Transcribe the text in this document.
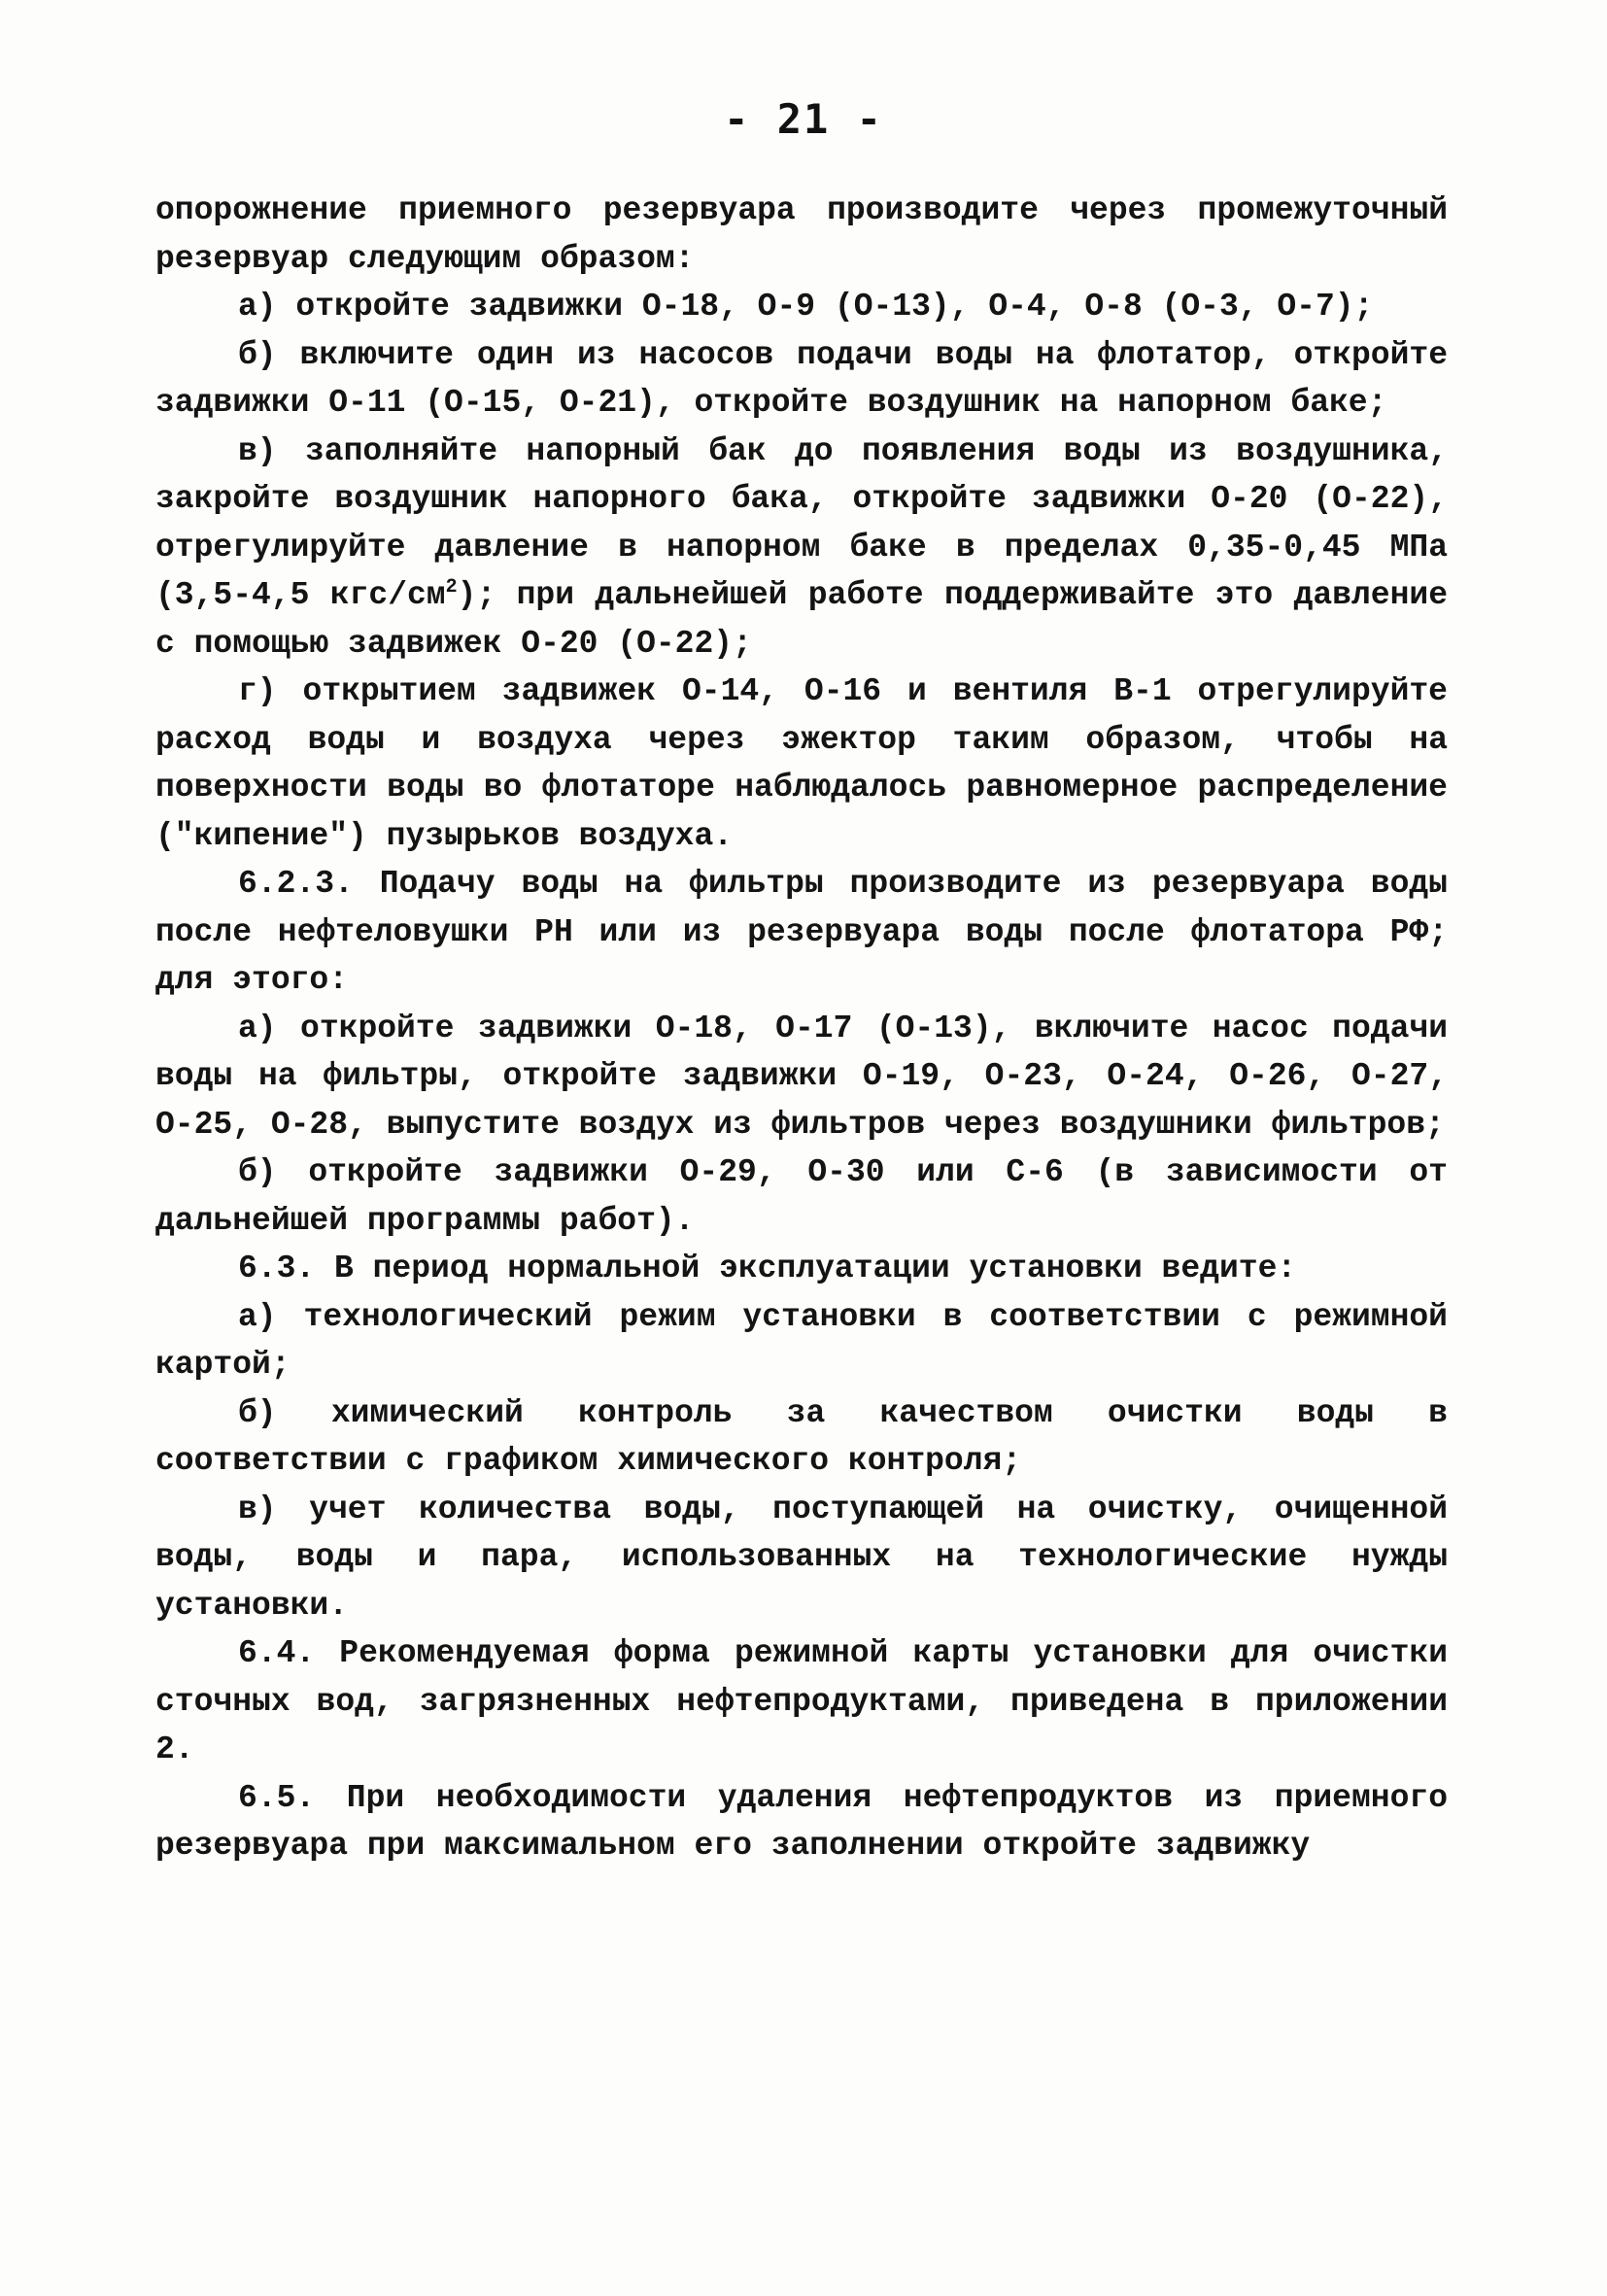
- 21 -

опорожнение приемного резервуара производите через промежуточный резервуар следующим образом:

а) откройте задвижки О-18, О-9 (О-13), О-4, О-8 (О-3, О-7);

б) включите один из насосов подачи воды на флотатор, откройте задвижки О-11 (О-15, О-21), откройте воздушник на напорном баке;

в) заполняйте напорный бак до появления воды из воздушника, закройте воздушник напорного бака, откройте задвижки О-20 (О-22), отрегулируйте давление в напорном баке в пределах 0,35-0,45 МПа (3,5-4,5 кгс/$см^2$); при дальнейшей работе поддерживайте это давление с помощью задвижек О-20 (О-22);

г) открытием задвижек О-14, О-16 и вентиля В-1 отрегулируйте расход воды и воздуха через эжектор таким образом, чтобы на поверхности воды во флотаторе наблюдалось равномерное распределение ("кипение") пузырьков воздуха.

6.2.3. Подачу воды на фильтры производите из резервуара воды после нефтеловушки РН или из резервуара воды после флотатора РФ; для этого:

а) откройте задвижки О-18, О-17 (О-13), включите насос подачи воды на фильтры, откройте задвижки О-19, О-23, О-24, О-26, О-27, О-25, О-28, выпустите воздух из фильтров через воздушники фильтров;

б) откройте задвижки О-29, О-30 или С-6 (в зависимости от дальнейшей программы работ).

6.3. В период нормальной эксплуатации установки ведите:

а) технологический режим установки в соответствии с режимной картой;

б) химический контроль за качеством очистки воды в соответствии с графиком химического контроля;

в) учет количества воды, поступающей на очистку, очищенной воды, воды и пара, использованных на технологические нужды установки.

6.4. Рекомендуемая форма режимной карты установки для очистки сточных вод, загрязненных нефтепродуктами, приведена в приложении 2.

6.5. При необходимости удаления нефтепродуктов из приемного резервуара при максимальном его заполнении откройте задвижку
